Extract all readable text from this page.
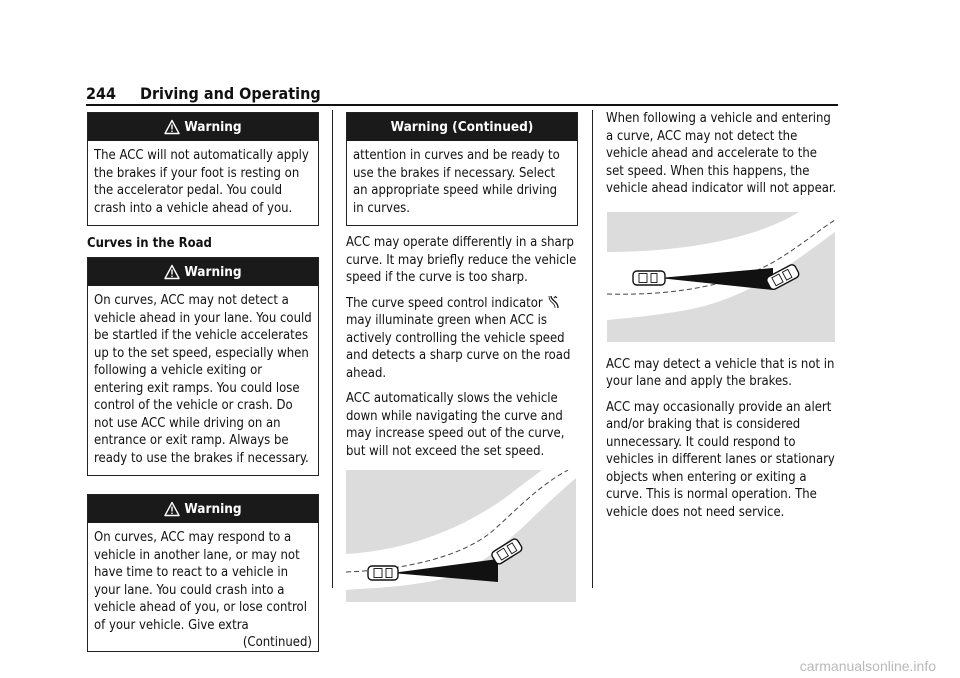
244 Driving and Operating
Warning
The ACC will not automatically apply the brakes if your foot is resting on the accelerator pedal. You could crash into a vehicle ahead of you.
Curves in the Road
Warning
On curves, ACC may not detect a vehicle ahead in your lane. You could be startled if the vehicle accelerates up to the set speed, especially when following a vehicle exiting or entering exit ramps. You could lose control of the vehicle or crash. Do not use ACC while driving on an entrance or exit ramp. Always be ready to use the brakes if necessary.
Warning
On curves, ACC may respond to a vehicle in another lane, or may not have time to react to a vehicle in your lane. You could crash into a vehicle ahead of you, or lose control of your vehicle. Give extra
(Continued)
Warning (Continued)
attention in curves and be ready to use the brakes if necessary. Select an appropriate speed while driving in curves.

ACC may operate differently in a sharp curve. It may briefly reduce the vehicle speed if the curve is too sharp.

The curve speed control indicator  may illuminate green when ACC is actively controlling the vehicle speed and detects a sharp curve on the road ahead.

ACC automatically slows the vehicle down while navigating the curve and may increase speed out of the curve, but will not exceed the set speed.

When following a vehicle and entering a curve, ACC may not detect the vehicle ahead and accelerate to the set speed. When this happens, the vehicle ahead indicator will not appear.

ACC may detect a vehicle that is not in your lane and apply the brakes.

ACC may occasionally provide an alert and/or braking that is considered unnecessary. It could respond to vehicles in different lanes or stationary objects when entering or exiting a curve. This is normal operation. The vehicle does not need service.

carmanualsonline.info
